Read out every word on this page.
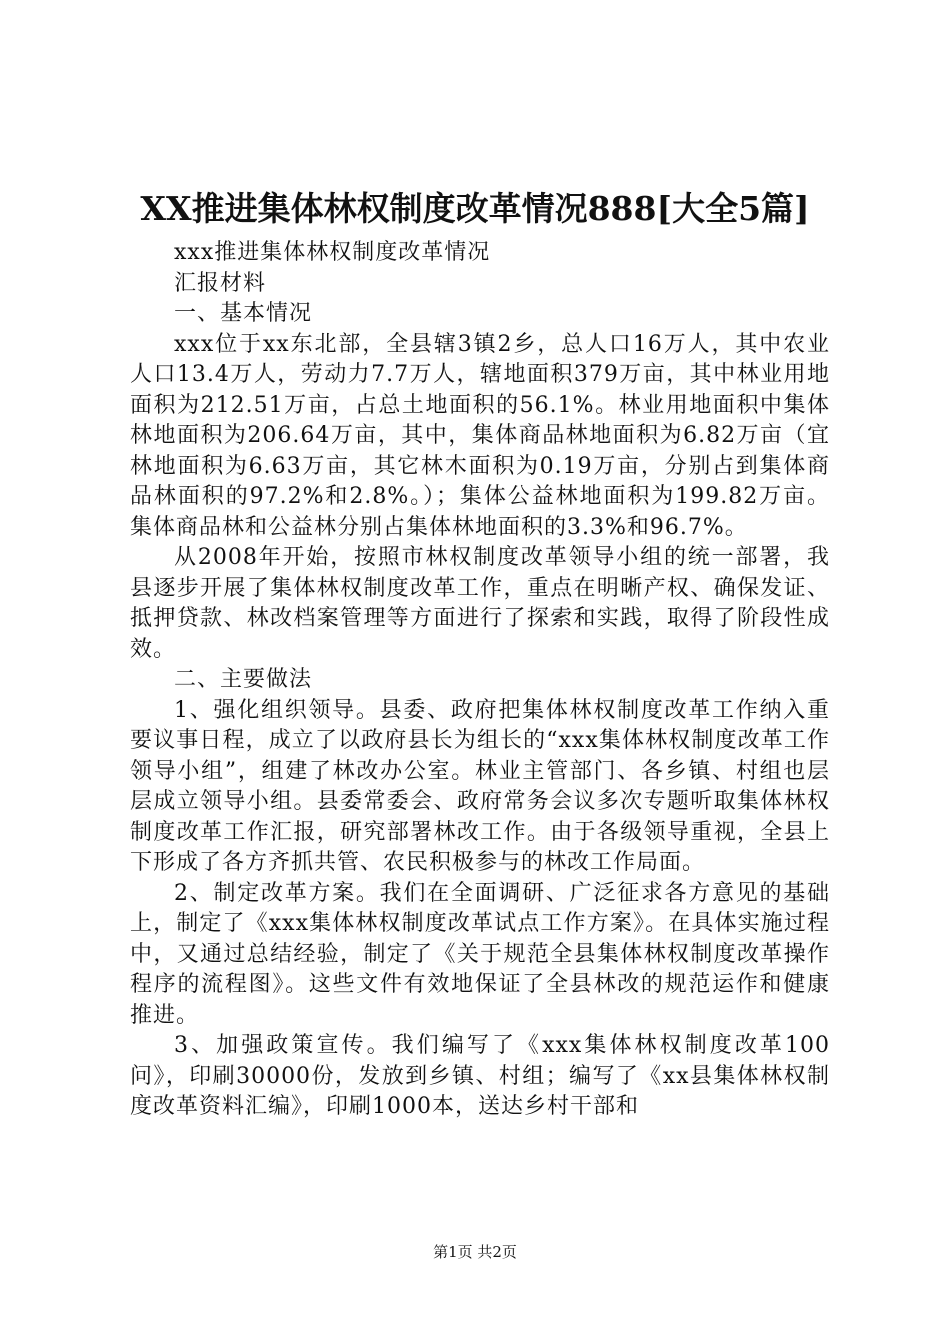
XX推进集体林权制度改革情况888[大全5篇]

xxx推进集体林权制度改革情况

汇报材料

一、基本情况

xxx位于xx东北部，全县辖3镇2乡，总人口16万人，其中农业人口13.4万人，劳动力7.7万人，辖地面积379万亩，其中林业用地面积为212.51万亩，占总土地面积的56.1%。林业用地面积中集体林地面积为206.64万亩，其中，集体商品林地面积为6.82万亩（宜林地面积为6.63万亩，其它林木面积为0.19万亩，分别占到集体商品林面积的97.2%和2.8%。）；集体公益林地面积为199.82万亩。集体商品林和公益林分别占集体林地面积的3.3%和96.7%。

从2008年开始，按照市林权制度改革领导小组的统一部署，我县逐步开展了集体林权制度改革工作，重点在明晰产权、确保发证、抵押贷款、林改档案管理等方面进行了探索和实践，取得了阶段性成效。

二、主要做法

1、强化组织领导。县委、政府把集体林权制度改革工作纳入重要议事日程，成立了以政府县长为组长的“xxx集体林权制度改革工作领导小组”，组建了林改办公室。林业主管部门、各乡镇、村组也层层成立领导小组。县委常委会、政府常务会议多次专题听取集体林权制度改革工作汇报，研究部署林改工作。由于各级领导重视，全县上下形成了各方齐抓共管、农民积极参与的林改工作局面。

2、制定改革方案。我们在全面调研、广泛征求各方意见的基础上，制定了《xxx集体林权制度改革试点工作方案》。在具体实施过程中，又通过总结经验，制定了《关于规范全县集体林权制度改革操作程序的流程图》。这些文件有效地保证了全县林改的规范运作和健康推进。

3、加强政策宣传。我们编写了《xxx集体林权制度改革100问》，印刷30000份，发放到乡镇、村组；编写了《xx县集体林权制度改革资料汇编》，印刷1000本，送达乡村干部和

第1页 共2页
